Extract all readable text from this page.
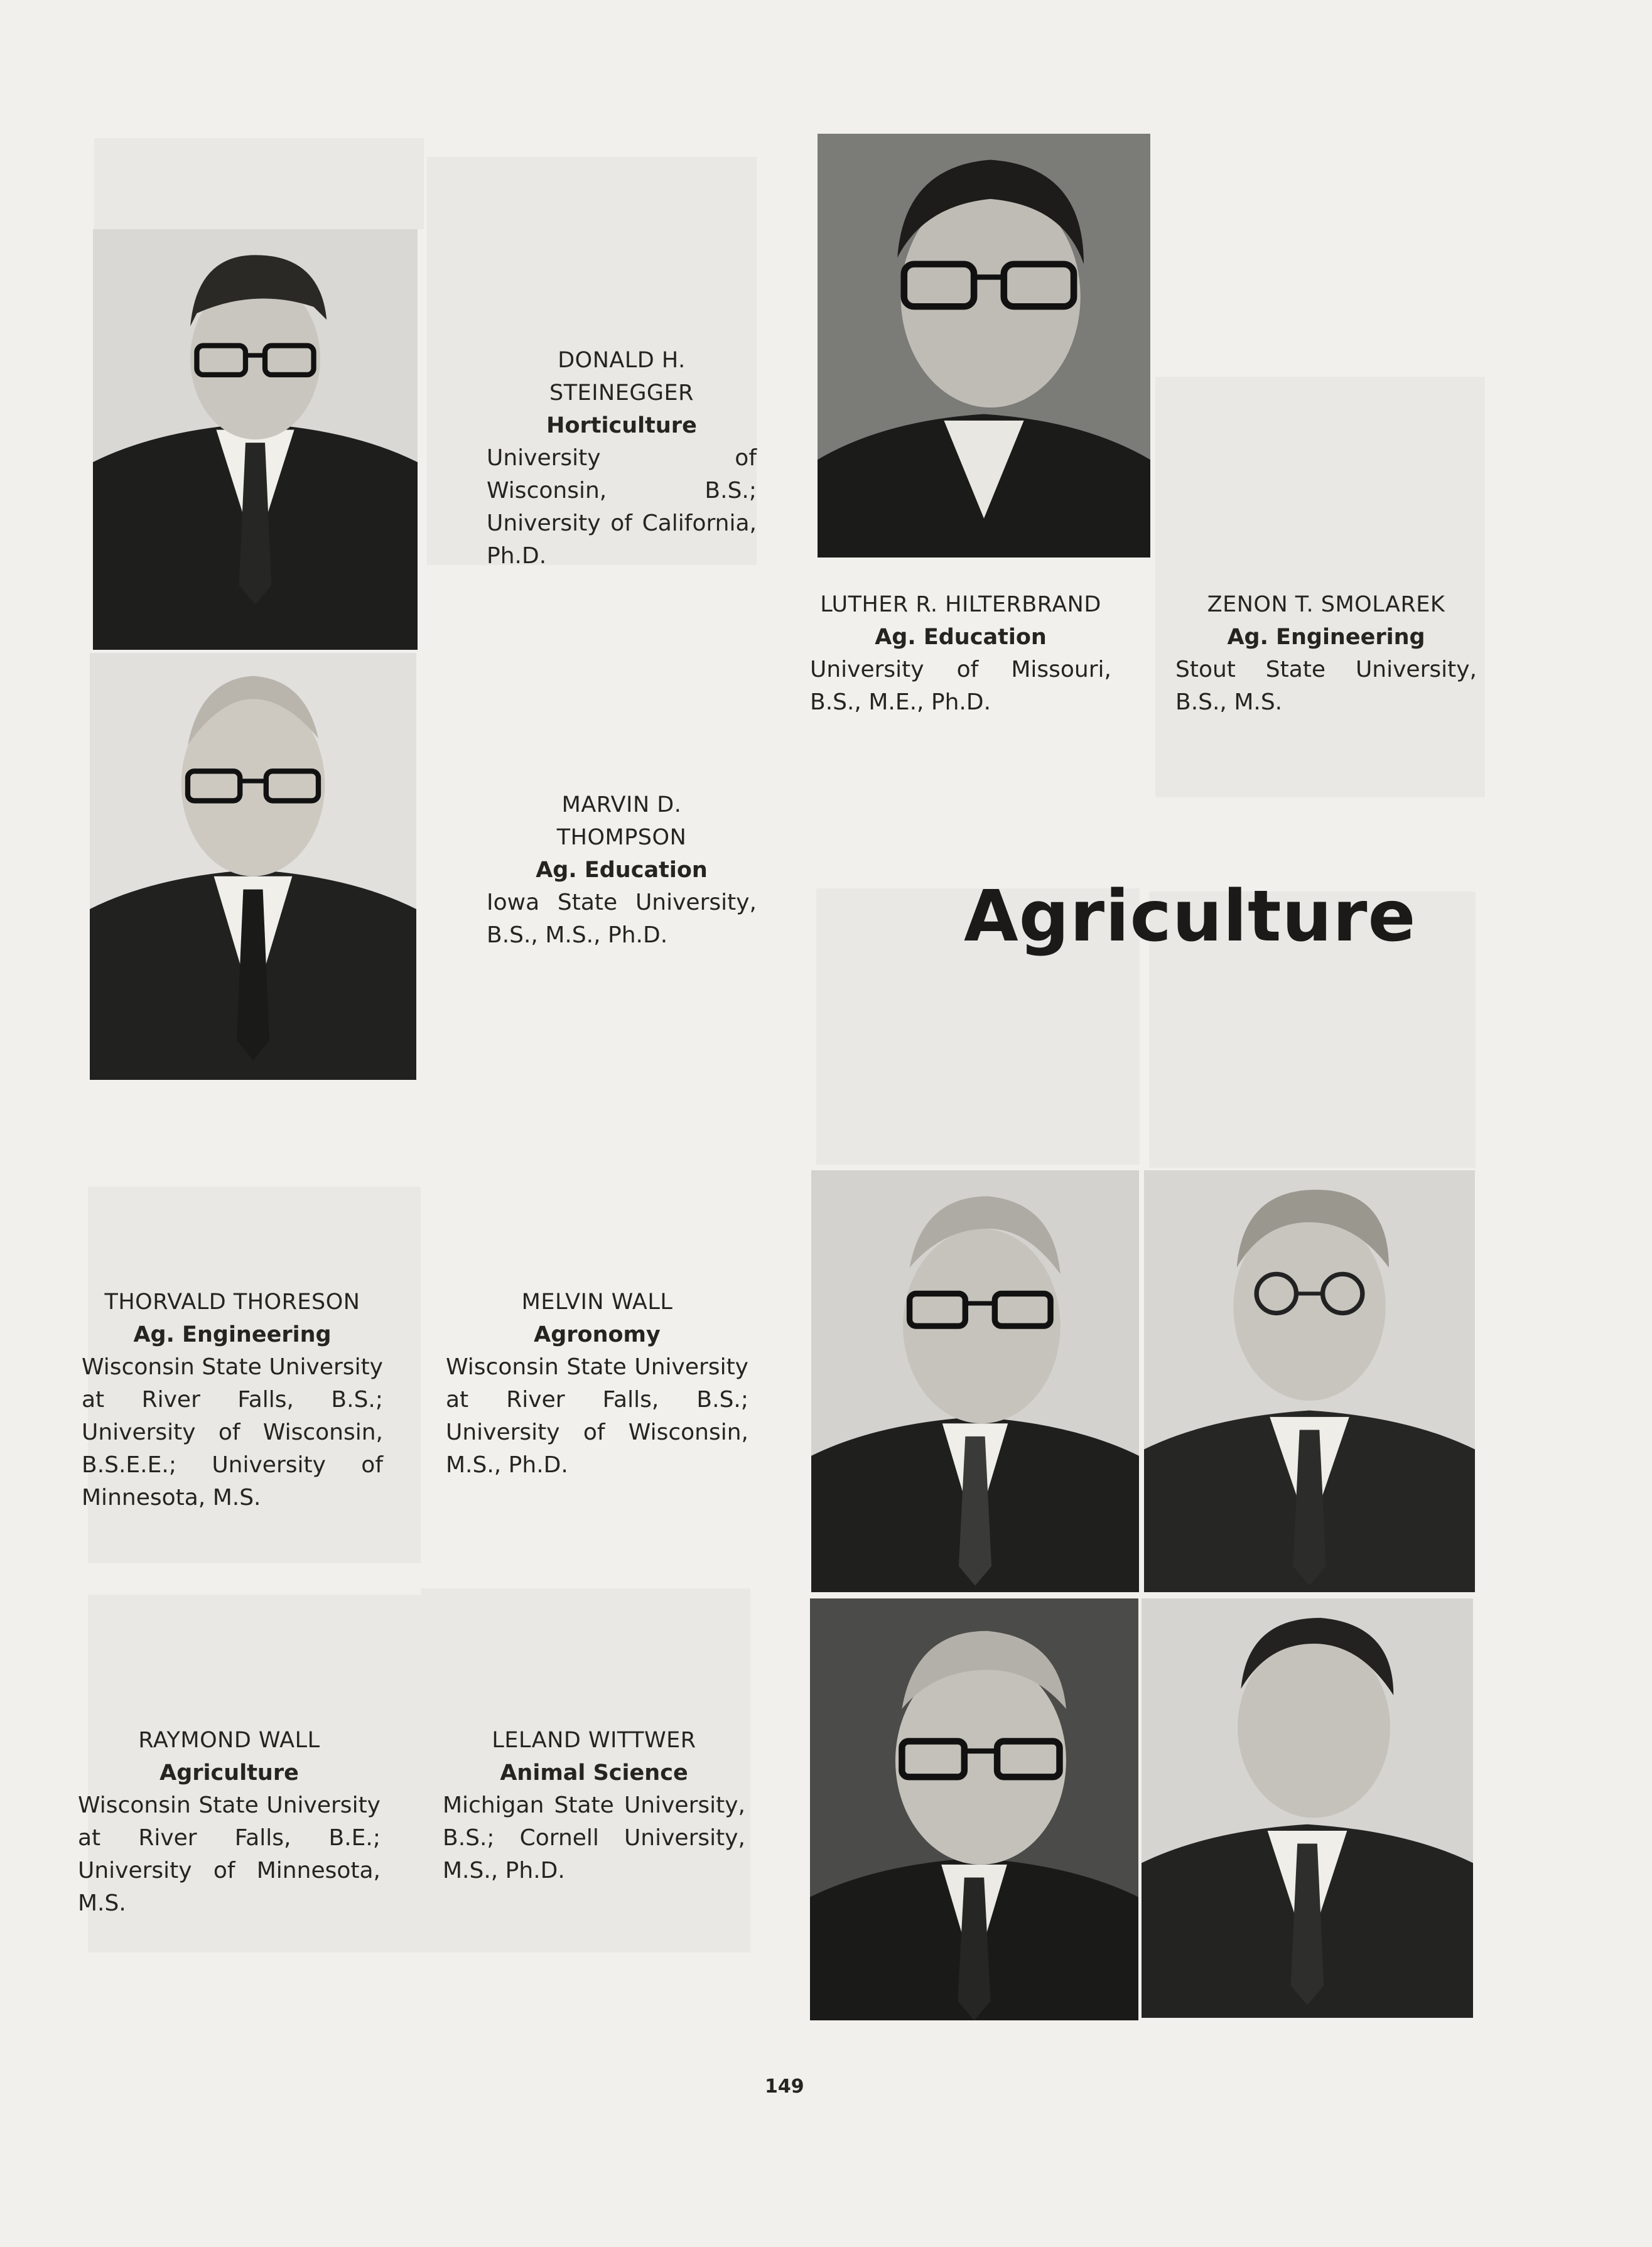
Agriculture
DONALD H.
STEINEGGER
Horticulture
University of Wisconsin, B.S.; University of California, Ph.D.
MARVIN D.
THOMPSON
Ag. Education
Iowa State University, B.S., M.S., Ph.D.
LUTHER R. HILTERBRAND
Ag. Education
University of Missouri, B.S., M.E., Ph.D.
ZENON T. SMOLAREK
Ag. Engineering
Stout State University, B.S., M.S.
THORVALD THORESON
Ag. Engineering
Wisconsin State University at River Falls, B.S.; University of Wisconsin, B.S.E.E.; University of Minnesota, M.S.
MELVIN WALL
Agronomy
Wisconsin State University at River Falls, B.S.; University of Wisconsin, M.S., Ph.D.
RAYMOND WALL
Agriculture
Wisconsin State University at River Falls, B.E.; University of Minnesota, M.S.
LELAND WITTWER
Animal Science
Michigan State University, B.S.; Cornell University, M.S., Ph.D.
149
